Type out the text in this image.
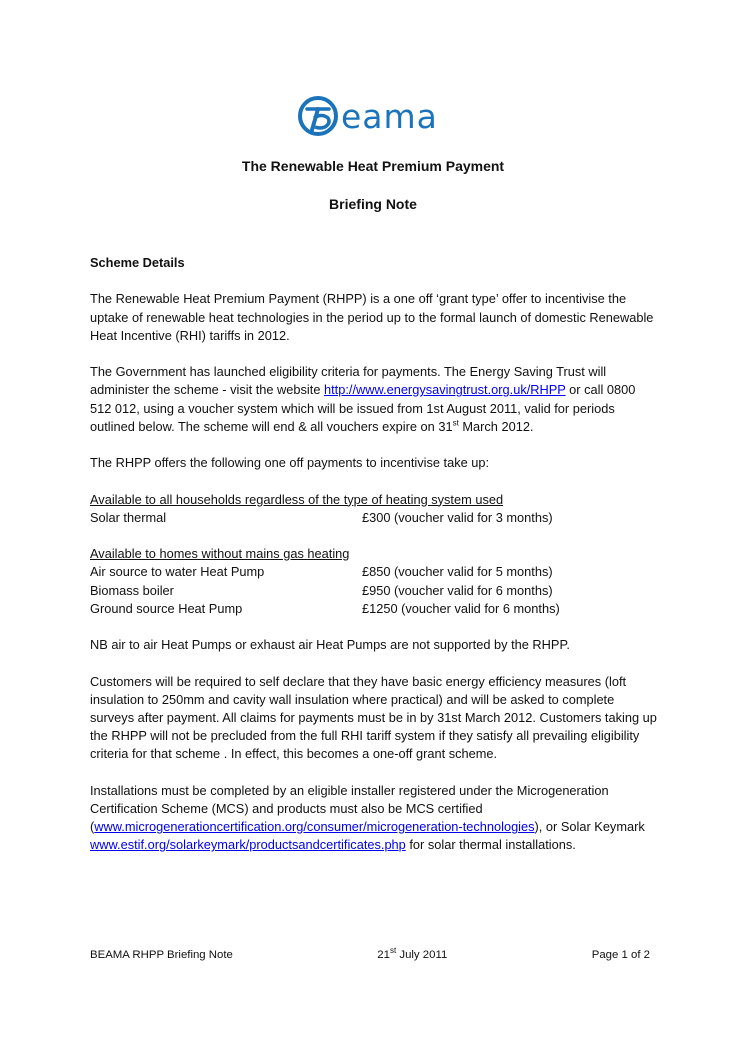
eama
The Renewable Heat Premium Payment
Briefing Note

Scheme Details

The Renewable Heat Premium Payment (RHPP) is a one off ‘grant type’ offer to incentivise the uptake of renewable heat technologies in the period up to the formal launch of domestic Renewable Heat Incentive (RHI) tariffs in 2012.

The Government has launched eligibility criteria for payments. The Energy Saving Trust will administer the scheme - visit the website http://www.energysavingtrust.org.uk/RHPP or call 0800 512 012, using a voucher system which will be issued from 1st August 2011, valid for periods outlined below. The scheme will end & all vouchers expire on 31st March 2012.

The RHPP offers the following one off payments to incentivise take up:

Available to all households regardless of the type of heating system used
Solar thermal	£300 (voucher valid for 3 months)
Available to homes without mains gas heating
Air source to water Heat Pump	£850 (voucher valid for 5 months)
Biomass boiler	£950 (voucher valid for 6 months)
Ground source Heat Pump	£1250 (voucher valid for 6 months)

NB air to air Heat Pumps or exhaust air Heat Pumps are not supported by the RHPP.

Customers will be required to self declare that they have basic energy efficiency measures (loft insulation to 250mm and cavity wall insulation where practical) and will be asked to complete surveys after payment. All claims for payments must be in by 31st March 2012. Customers taking up the RHPP will not be precluded from the full RHI tariff system if they satisfy all prevailing eligibility criteria for that scheme . In effect, this becomes a one-off grant scheme.

Installations must be completed by an eligible installer registered under the Microgeneration Certification Scheme (MCS) and products must also be MCS certified (www.microgenerationcertification.org/consumer/microgeneration-technologies), or Solar Keymark www.estif.org/solarkeymark/productsandcertificates.php for solar thermal installations.

BEAMA RHPP Briefing Note	21st July 2011	Page 1 of 2
